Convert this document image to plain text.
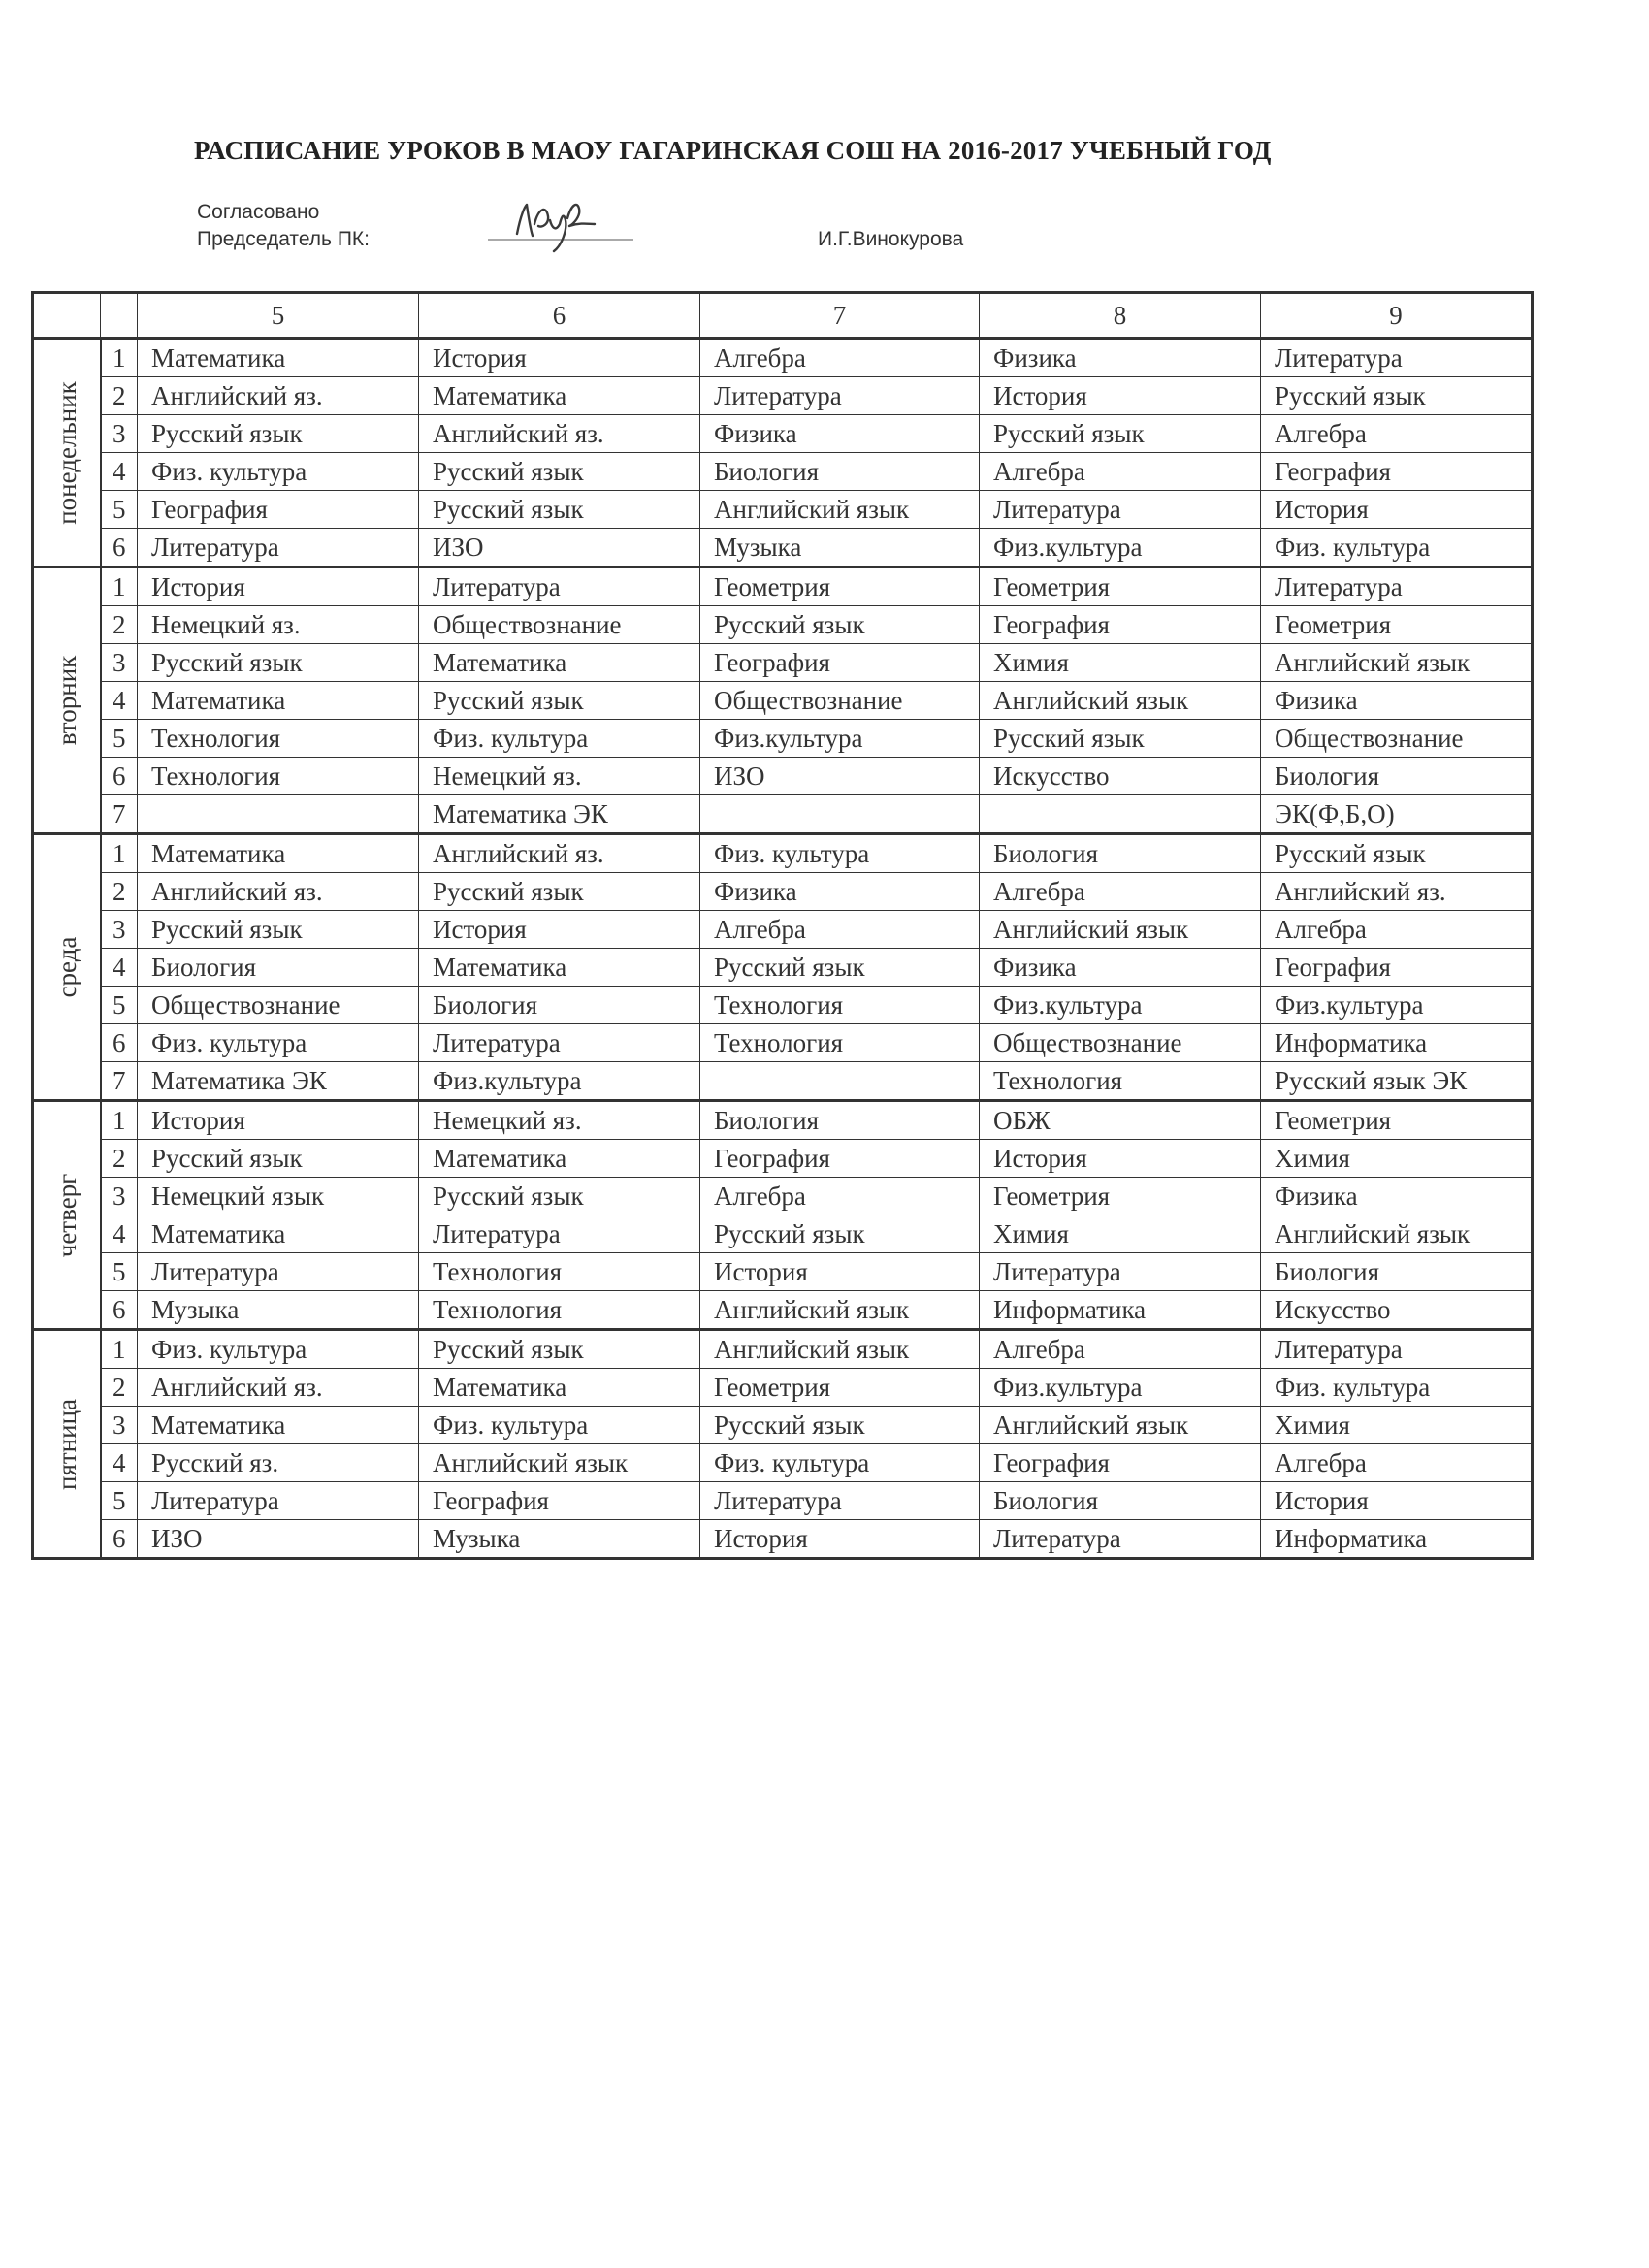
РАСПИСАНИЕ УРОКОВ В МАОУ ГАГАРИНСКАЯ СОШ НА 2016-2017 УЧЕБНЫЙ ГОД
Согласовано
Председатель ПК:	И.Г.Винокурова
		5	6	7	8	9

понедельник	1	Математика	История	Алгебра	Физика	Литература
	2	Английский яз.	Математика	Литература	История	Русский язык
	3	Русский язык	Английский яз.	Физика	Русский язык	Алгебра
	4	Физ. культура	Русский язык	Биология	Алгебра	География
	5	География	Русский язык	Английский язык	Литература	История
	6	Литература	ИЗО	Музыка	Физ.культура	Физ. культура

вторник	1	История	Литература	Геометрия	Геометрия	Литература
	2	Немецкий яз.	Обществознание	Русский язык	География	Геометрия
	3	Русский язык	Математика	География	Химия	Английский язык
	4	Математика	Русский язык	Обществознание	Английский язык	Физика
	5	Технология	Физ. культура	Физ.культура	Русский язык	Обществознание
	6	Технология	Немецкий яз.	ИЗО	Искусство	Биология
	7		Математика ЭК			ЭК(Ф,Б,О)

среда	1	Математика	Английский яз.	Физ. культура	Биология	Русский язык
	2	Английский яз.	Русский язык	Физика	Алгебра	Английский яз.
	3	Русский язык	История	Алгебра	Английский язык	Алгебра
	4	Биология	Математика	Русский язык	Физика	География
	5	Обществознание	Биология	Технология	Физ.культура	Физ.культура
	6	Физ. культура	Литература	Технология	Обществознание	Информатика
	7	Математика ЭК	Физ.культура		Технология	Русский язык ЭК

четверг	1	История	Немецкий яз.	Биология	ОБЖ	Геометрия
	2	Русский язык	Математика	География	История	Химия
	3	Немецкий язык	Русский язык	Алгебра	Геометрия	Физика
	4	Математика	Литература	Русский язык	Химия	Английский язык
	5	Литература	Технология	История	Литература	Биология
	6	Музыка	Технология	Английский язык	Информатика	Искусство

пятница	1	Физ. культура	Русский язык	Английский язык	Алгебра	Литература
	2	Английский яз.	Математика	Геометрия	Физ.культура	Физ. культура
	3	Математика	Физ. культура	Русский язык	Английский язык	Химия
	4	Русский яз.	Английский язык	Физ. культура	География	Алгебра
	5	Литература	География	Литература	Биология	История
	6	ИЗО	Музыка	История	Литература	Информатика
